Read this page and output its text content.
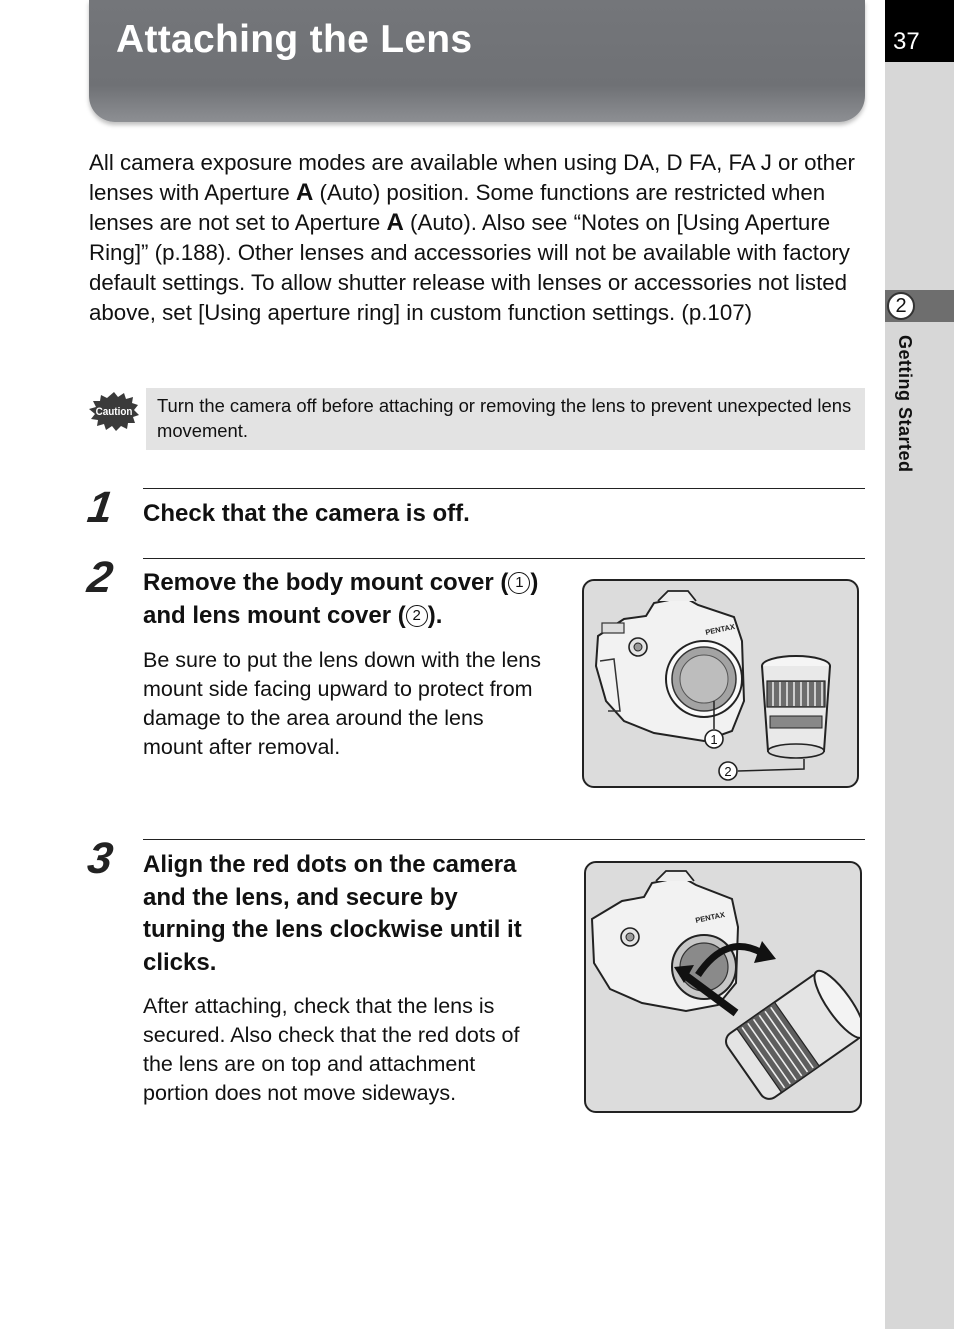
Attaching the Lens	37
2
Getting Started

All camera exposure modes are available when using DA, D FA, FA J or other lenses with Aperture A (Auto) position. Some functions are restricted when lenses are not set to Aperture A (Auto). Also see “Notes on [Using Aperture Ring]” (p.188). Other lenses and accessories will not be available with factory default settings. To allow shutter release with lenses or accessories not listed above, set [Using aperture ring] in custom function settings. (p.107)

Caution Turn the camera off before attaching or removing the lens to prevent unexpected lens movement.

1 Check that the camera is off.
2 Remove the body mount cover ( 1 ) and lens mount cover ( 2 ).

Be sure to put the lens down with the lens mount side facing upward to protect from damage to the area around the lens mount after removal.

PENTAX
1
2
3 Align the red dots on the camera and the lens, and secure by turning the lens clockwise until it clicks.

After attaching, check that the lens is secured. Also check that the red dots of the lens are on top and attachment portion does not move sideways.

PENTAX
